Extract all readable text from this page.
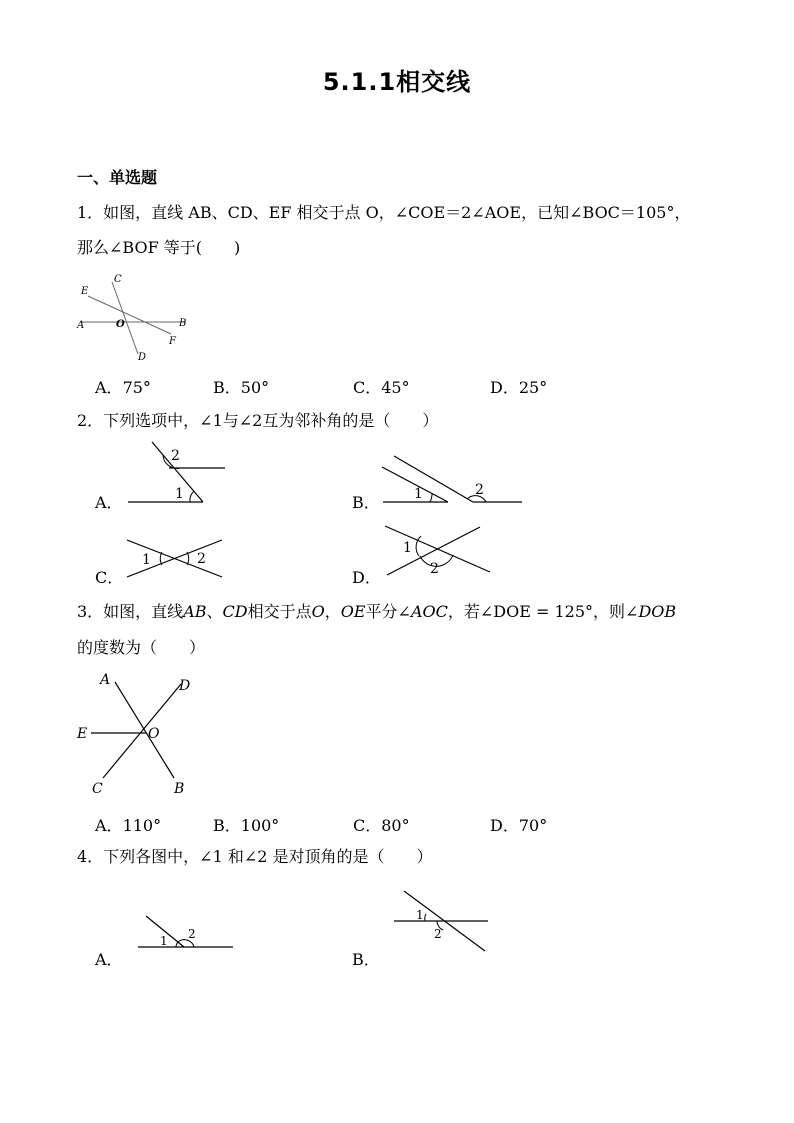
5.1.1相交线
一、单选题
1．如图，直线 AB、CD、EF 相交于点 O，∠COE＝2∠AOE，已知∠BOC＝105°，
那么∠BOF 等于(　　)
C
E
A	O	B
F
D
A．75°	B．50°	C．45°	D．25°
2．下列选项中，∠1与∠2互为邻补角的是（　　）
A．	1
2
B． 1	2
C．
1	2
D．
1
2
3．如图，直线AB、CD相交于点O，OE平分∠AOC，若∠DOE = 125°，则∠DOB
的度数为（　　）
A	D
E	O
C	B
A．110°	B．100°	C．80°	D．70°
4．下列各图中，∠1 和∠2 是对顶角的是（　　）
A．
1 2
B．
1
2
